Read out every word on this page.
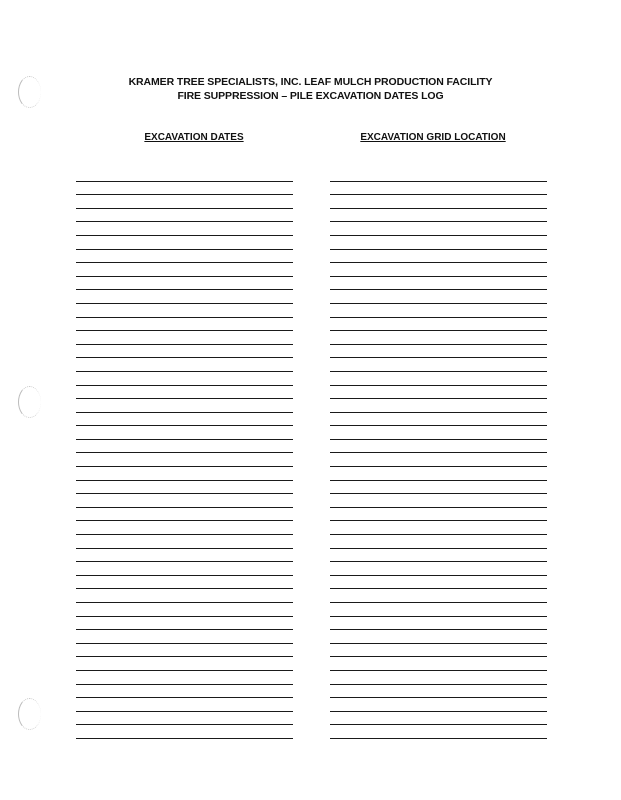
KRAMER TREE SPECIALISTS, INC. LEAF MULCH PRODUCTION FACILITY
FIRE SUPPRESSION – PILE EXCAVATION DATES LOG
EXCAVATION DATES	EXCAVATION GRID LOCATION
